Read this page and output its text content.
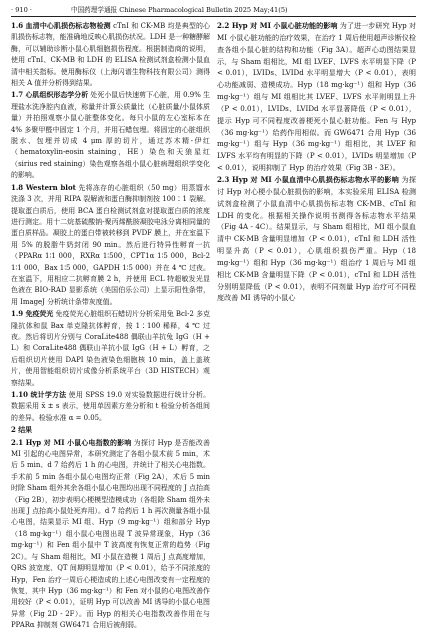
· 910 ·	中国药理学通报 Chinese Pharmacological Bulletin 2025 May;41(5)

1.6 血清中心肌损伤标志物检测 cTnI 和 CK-MB 均是典型的心肌损伤标志物，能准确地反映心肌损伤状况。LDH 是一种糖酵解酶，可以辅助诊断小鼠心肌细胞损伤程度。根据制造商的说明，使用 cTnI、CK-MB 和 LDH 的 ELISA 检测试剂盒检测小鼠血清中相关指标。使用酶标仪（上海闪谱生物科技有限公司）测得相关 A 值并分析得到结果。

1.7 心肌组织形态学分析 处死小鼠后快速剪下心脏，用 0.9% 生理盐水洗净腔内血液，称量并计算公质量比（心脏质量/小鼠体质量）并拍照观察小鼠心脏整体变化。每只小鼠的左心室标本在 4% 多聚甲醛中固定 1 个月，并用石蜡包埋。将固定的心脏组织脱水、包埋并切成 4 μm 厚的切片，通过苏木精-伊红（hematoxylin-eosin staining，HE）染色和天狼星红（sirius red staining）染色观察各组小鼠心脏病理组织学变化的影响。

1.8 Western blot 先将冻存的心脏组织（50 mg）用蒸馏水洗涤 3 次，并用 RIPA 裂解液和蛋白酶抑制剂按 100∶1 裂解。提取蛋白质后，使用 BCA 蛋白检测试剂盒对提取蛋白质的浓度进行测定。用十二烷基硫酸钠-聚丙烯酰胺凝胶电泳分离相同量的蛋白质样品。凝胶上的蛋白带被转移到 PVDF 膜上，并在室温下用 5% 的脱脂牛奶封闭 90 min。然后进行特异性孵育一抗（PPARα 1∶1 000，RXRα 1∶500，CPT1α 1∶5 000，Bcl-2 1∶1 000，Bax 1∶5 000，GAPDH 1∶5 000）并在 4 ℃ 过夜。在室温下，用相应二抗孵育膜 2 h，并使用 ECL 特超敏发光显色液在 BIO-RAD 显影系统（美国伯乐公司）上显示阳性条带，用 ImageJ 分析统计条带灰度值。

1.9 免疫荧光 免疫荧光心脏组织石蜡切片分析采用兔 Bcl-2 多克隆抗体和鼠 Bax 单克隆抗体孵育，按 1∶100 稀释，4 ℃ 过夜。然后将切片分别与 CoraLite488 偶联山羊抗兔 IgG（H + L）和 CoraLite488 偶联山羊抗小鼠 IgG（H + L）孵育，之后组织切片使用 DAPI 染色液染色细胞核 10 min，盖上盖玻片，使用智能组织切片成像分析系统平台（3D HISTECH）观察结果。

1.10 统计学方法 使用 SPSS 19.0 对实验数据进行统计分析。数据采用 x̄ ± s 表示，使用单因素方差分析和 t 检验分析各组间的差异。检验水准 α = 0.05。

2 结果

2.1 Hyp 对 MI 小鼠心电指数的影响 为探讨 Hyp 是否能改善 MI 引起的心电图异常，本研究测定了各组小鼠术前 5 min，术后 5 min、d 7 给药后 1 h 的心电图，并统计了相关心电指数。手术前 5 min 各组小鼠心电图均正常（Fig 2A），术后 5 min 时除 Sham 组外其余各组小鼠心电图均出现不同程度的 J 点抬高（Fig 2B），初步表明心梗模型造模成功（各组除 Sham 组外未出现 J 点抬高小鼠处死弃用）。d 7 给药后 1 h 再次测量各组小鼠心电图，结果显示 MI 组、Hyp（9 mg·kg⁻¹）组和部分 Hyp（18 mg·kg⁻¹）组小鼠心电图出现 T 波异常现象，Hyp（36 mg·kg⁻¹）和 Fen 组小鼠中 T 波高度有恢复正常的趋势（Fig 2C）。与 Sham 组相比，MI 小鼠在造模 1 周后 J 点高度增加，QRS 波宽度、QT 间期明显增加（P < 0.01），给予不同浓度的 Hyp，Fen 治疗一周后心梗造成的上述心电图改变有一定程度的恢复，其中 Hyp（36 mg·kg⁻¹）和 Fen 对小鼠的心电图改善作用较好（P < 0.01），证明 Hyp 可以改善 MI 诱导的小鼠心电图异常（Fig 2D - 2F）。而 Hyp 的相关心电指数改善作用在与 PPARα 抑制剂 GW6471 合用后被削弱。

2.2 Hyp 对 MI 小鼠心脏功能的影响 为了进一步研究 Hyp 对 MI 小鼠心脏功能的治疗效果，在治疗 1 周后使用超声诊断仪检查各组小鼠心脏的结构和功能（Fig 3A）。超声心动图结果显示，与 Sham 组相比，MI 组 LVEF、LVFS 水平明显下降（P < 0.01），LVIDs、LVIDd 水平明显增大（P < 0.01），表明心功能减弱、造模成功。Hyp（18 mg·kg⁻¹）组和 Hyp（36 mg·kg⁻¹）组与 MI 组相比其 LVEF、LVFS 水平则明显上升（P < 0.01），LVIDs、LVIDd 水平显著降低（P < 0.01），提示 Hyp 可不同程度改善梗死小鼠心脏功能。Fen 与 Hyp（36 mg·kg⁻¹）给药作用相似。而 GW6471 合用 Hyp（36 mg·kg⁻¹）组与 Hyp（36 mg·kg⁻¹）组相比，其 LVEF 和 LVFS 水平均有明显的下降（P < 0.01），LVIDs 明显增加（P < 0.01），说明抑制了 Hyp 的治疗效果（Fig 3B - 3E）。

2.3 Hyp 对 MI 小鼠血清中心肌损伤标志物水平的影响 为探讨 Hyp 对心梗小鼠心脏损伤的影响，本实验采用 ELISA 检测试剂盒检测了小鼠血清中心肌损伤标志物 CK-MB、cTnI 和 LDH 的变化。根据相关操作说明书测得各标志物水平结果（Fig 4A - 4C）。结果显示，与 Sham 组相比，MI 组小鼠血清中 CK-MB 含量明显增加（P < 0.01），cTnI 和 LDH 活性明显升高（P < 0.01），心肌组织损伤严重。Hyp（18 mg·kg⁻¹）组和 Hyp（36 mg·kg⁻¹）组治疗 1 周后与 MI 组相比 CK-MB 含量明显下降（P < 0.01），cTnI 和 LDH 活性分别明显降低（P < 0.01），表明不同剂量 Hyp 治疗可不同程度改善 MI 诱导的小鼠心
